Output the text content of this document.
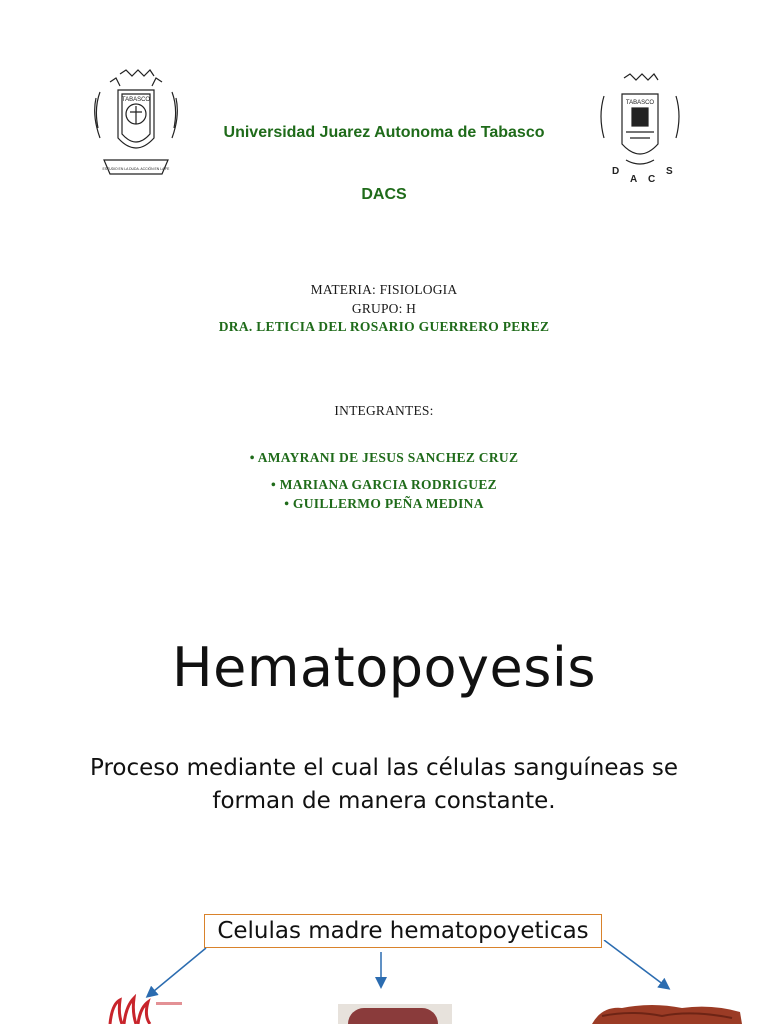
TABASCO
ESTUDIO EN LA DUDA. ACCIÓN EN LA FE
TABASCO
D
A C
S
Universidad Juarez Autonoma de Tabasco
DACS
MATERIA: FISIOLOGIA
GRUPO: H
DRA. LETICIA DEL ROSARIO GUERRERO PEREZ
INTEGRANTES:
• AMAYRANI DE JESUS SANCHEZ CRUZ
• MARIANA GARCIA RODRIGUEZ
• GUILLERMO PEÑA MEDINA
Hematopoyesis
Proceso mediante el cual las células sanguíneas se
forman de manera constante.
Celulas madre hematopoyeticas
